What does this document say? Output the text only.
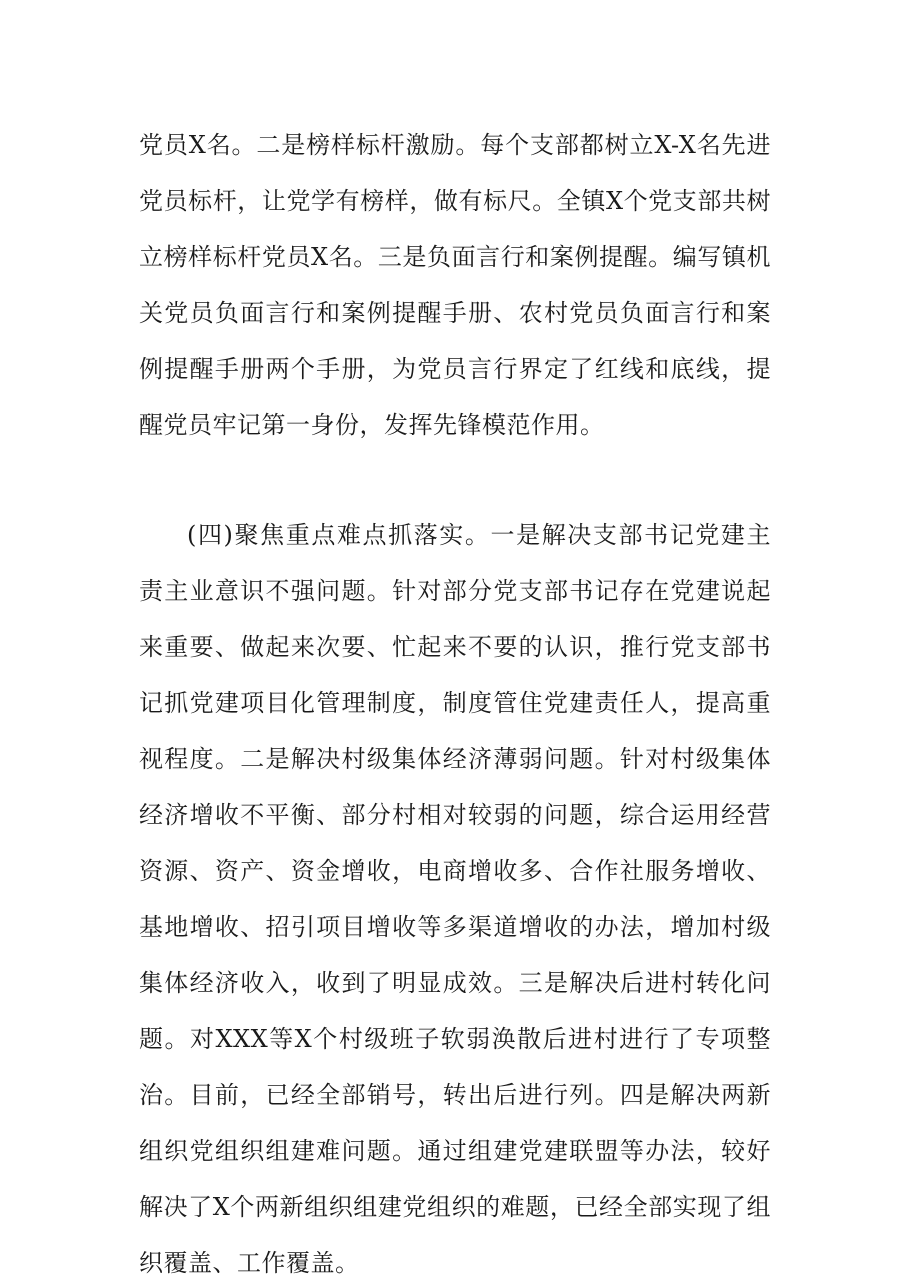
党员X名。二是榜样标杆激励。每个支部都树立X-X名先进
党员标杆，让党学有榜样，做有标尺。全镇X个党支部共树
立榜样标杆党员X名。三是负面言行和案例提醒。编写镇机
关党员负面言行和案例提醒手册、农村党员负面言行和案
例提醒手册两个手册，为党员言行界定了红线和底线，提
醒党员牢记第一身份，发挥先锋模范作用。
(四)聚焦重点难点抓落实。一是解决支部书记党建主
责主业意识不强问题。针对部分党支部书记存在党建说起
来重要、做起来次要、忙起来不要的认识，推行党支部书
记抓党建项目化管理制度，制度管住党建责任人，提高重
视程度。二是解决村级集体经济薄弱问题。针对村级集体
经济增收不平衡、部分村相对较弱的问题，综合运用经营
资源、资产、资金增收，电商增收多、合作社服务增收、
基地增收、招引项目增收等多渠道增收的办法，增加村级
集体经济收入，收到了明显成效。三是解决后进村转化问
题。对XXX等X个村级班子软弱涣散后进村进行了专项整
治。目前，已经全部销号，转出后进行列。四是解决两新
组织党组织组建难问题。通过组建党建联盟等办法，较好
解决了X个两新组织组建党组织的难题，已经全部实现了组
织覆盖、工作覆盖。
